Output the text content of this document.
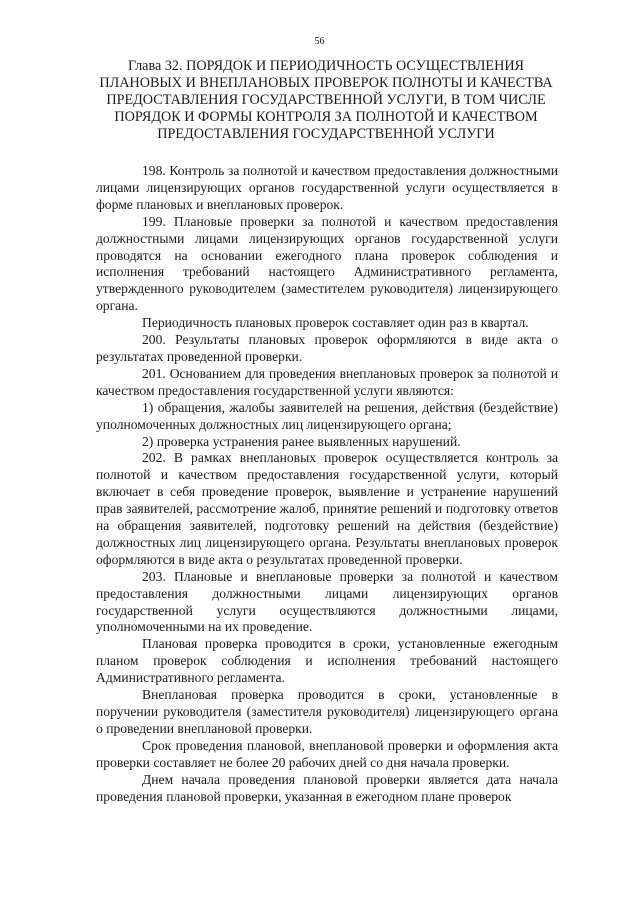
56
Глава 32. ПОРЯДОК И ПЕРИОДИЧНОСТЬ ОСУЩЕСТВЛЕНИЯ ПЛАНОВЫХ И ВНЕПЛАНОВЫХ ПРОВЕРОК ПОЛНОТЫ И КАЧЕСТВА ПРЕДОСТАВЛЕНИЯ ГОСУДАРСТВЕННОЙ УСЛУГИ, В ТОМ ЧИСЛЕ ПОРЯДОК И ФОРМЫ КОНТРОЛЯ ЗА ПОЛНОТОЙ И КАЧЕСТВОМ ПРЕДОСТАВЛЕНИЯ ГОСУДАРСТВЕННОЙ УСЛУГИ

198. Контроль за полнотой и качеством предоставления должностными лицами лицензирующих органов государственной услуги осуществляется в форме плановых и внеплановых проверок.

199. Плановые проверки за полнотой и качеством предоставления должностными лицами лицензирующих органов государственной услуги проводятся на основании ежегодного плана проверок соблюдения и исполнения требований настоящего Административного регламента, утвержденного руководителем (заместителем руководителя) лицензирующего органа.

Периодичность плановых проверок составляет один раз в квартал.

200. Результаты плановых проверок оформляются в виде акта о результатах проведенной проверки.

201. Основанием для проведения внеплановых проверок за полнотой и качеством предоставления государственной услуги являются:

1) обращения, жалобы заявителей на решения, действия (бездействие) уполномоченных должностных лиц лицензирующего органа;

2) проверка устранения ранее выявленных нарушений.

202. В рамках внеплановых проверок осуществляется контроль за полнотой и качеством предоставления государственной услуги, который включает в себя проведение проверок, выявление и устранение нарушений прав заявителей, рассмотрение жалоб, принятие решений и подготовку ответов на обращения заявителей, подготовку решений на действия (бездействие) должностных лиц лицензирующего органа. Результаты внеплановых проверок оформляются в виде акта о результатах проведенной проверки.

203. Плановые и внеплановые проверки за полнотой и качеством предоставления должностными лицами лицензирующих органов государственной услуги осуществляются должностными лицами, уполномоченными на их проведение.

Плановая проверка проводится в сроки, установленные ежегодным планом проверок соблюдения и исполнения требований настоящего Административного регламента.

Внеплановая проверка проводится в сроки, установленные в поручении руководителя (заместителя руководителя) лицензирующего органа о проведении внеплановой проверки.

Срок проведения плановой, внеплановой проверки и оформления акта проверки составляет не более 20 рабочих дней со дня начала проверки.

Днем начала проведения плановой проверки является дата начала проведения плановой проверки, указанная в ежегодном плане проверок
